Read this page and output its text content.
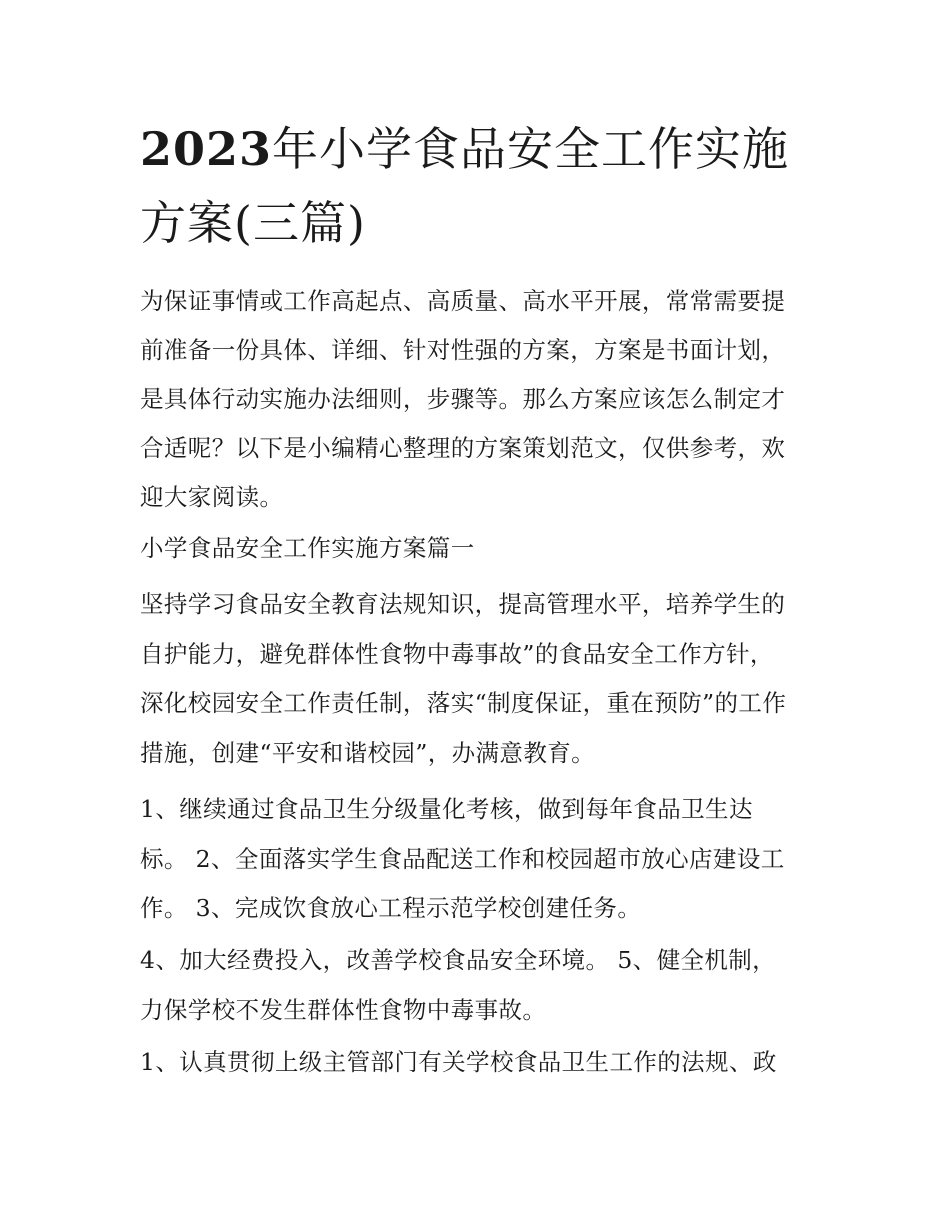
2023年小学食品安全工作实施
方案(三篇)

为保证事情或工作高起点、高质量、高水平开展，常常需要提

前准备一份具体、详细、针对性强的方案，方案是书面计划，

是具体行动实施办法细则，步骤等。那么方案应该怎么制定才

合适呢？以下是小编精心整理的方案策划范文，仅供参考，欢

迎大家阅读。

小学食品安全工作实施方案篇一

坚持学习食品安全教育法规知识，提高管理水平，培养学生的

自护能力，避免群体性食物中毒事故”的食品安全工作方针，

深化校园安全工作责任制，落实“制度保证，重在预防”的工作

措施，创建“平安和谐校园”，办满意教育。

1、继续通过食品卫生分级量化考核，做到每年食品卫生达

标。 2、全面落实学生食品配送工作和校园超市放心店建设工

作。 3、完成饮食放心工程示范学校创建任务。

4、加大经费投入，改善学校食品安全环境。 5、健全机制，

力保学校不发生群体性食物中毒事故。

1、认真贯彻上级主管部门有关学校食品卫生工作的法规、政
